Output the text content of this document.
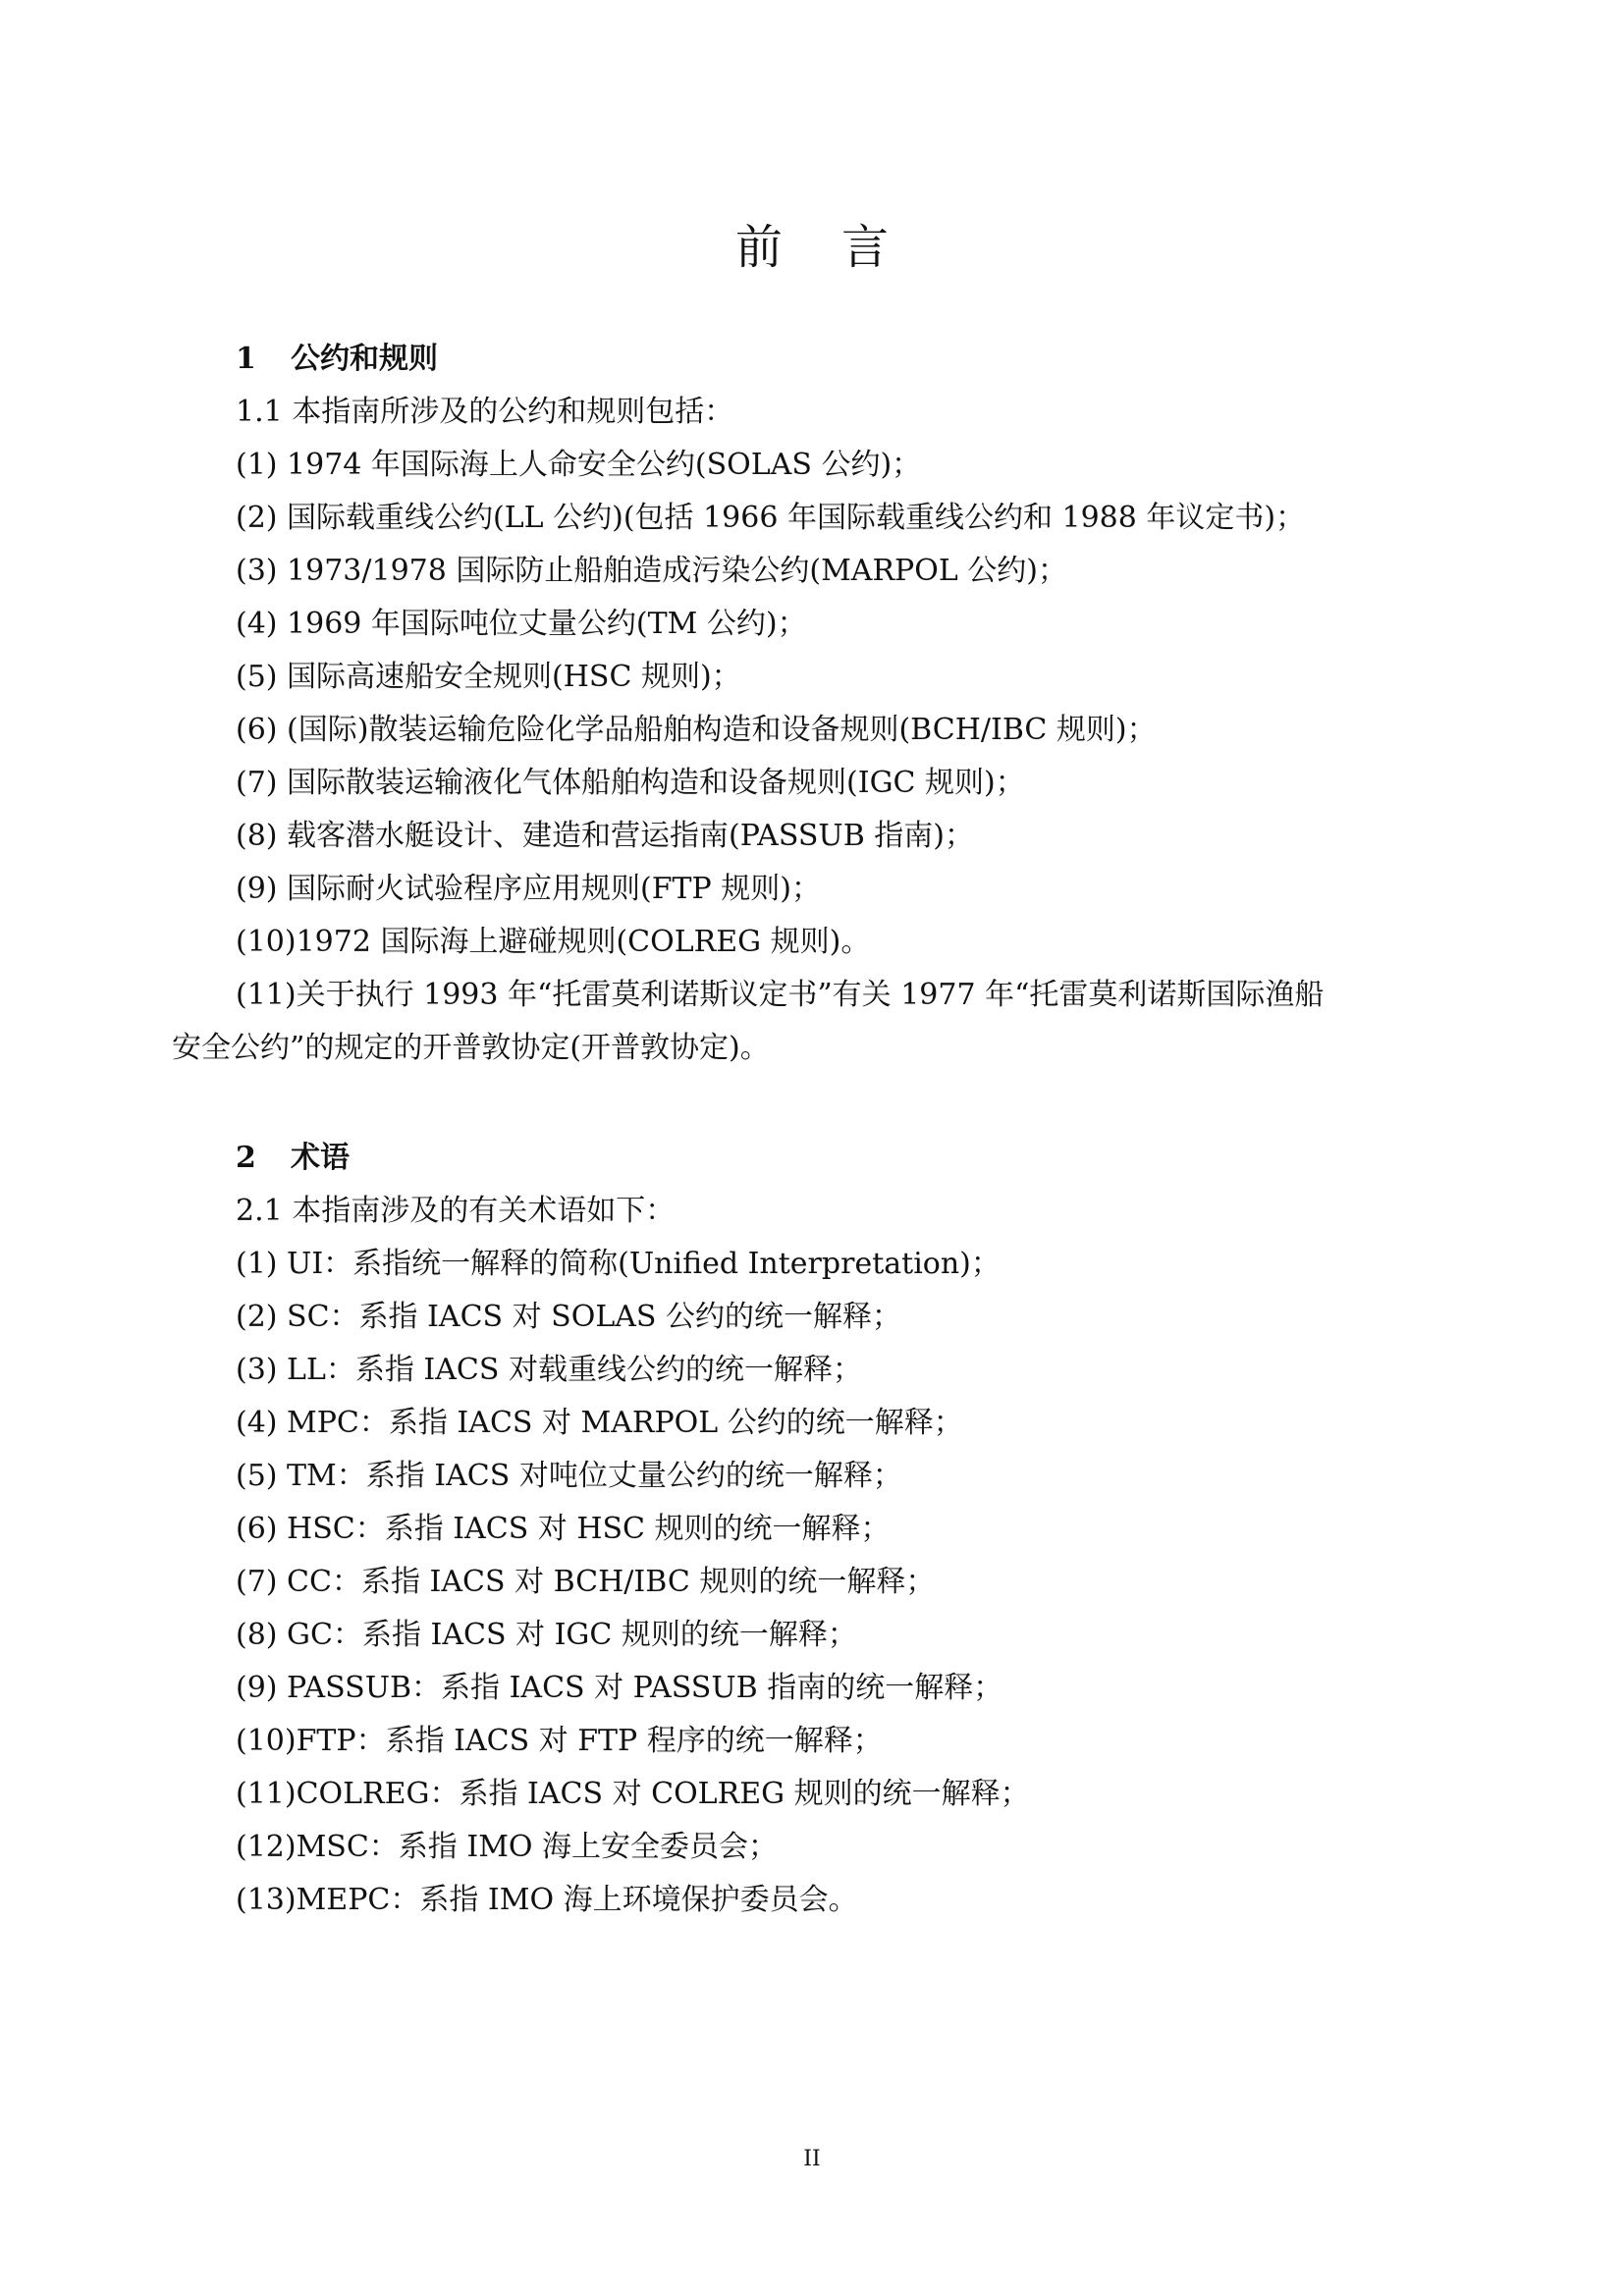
前言
1 公约和规则
1.1 本指南所涉及的公约和规则包括：
(1) 1974 年国际海上人命安全公约(SOLAS 公约)；
(2) 国际载重线公约(LL 公约)(包括 1966 年国际载重线公约和 1988 年议定书)；
(3) 1973/1978 国际防止船舶造成污染公约(MARPOL 公约)；
(4) 1969 年国际吨位丈量公约(TM 公约)；
(5) 国际高速船安全规则(HSC 规则)；
(6) (国际)散装运输危险化学品船舶构造和设备规则(BCH/IBC 规则)；
(7) 国际散装运输液化气体船舶构造和设备规则(IGC 规则)；
(8) 载客潜水艇设计、建造和营运指南(PASSUB 指南)；
(9) 国际耐火试验程序应用规则(FTP 规则)；
(10)1972 国际海上避碰规则(COLREG 规则)。
(11)关于执行 1993 年“托雷莫利诺斯议定书”有关 1977 年“托雷莫利诺斯国际渔船
安全公约”的规定的开普敦协定(开普敦协定)。
2 术语
2.1 本指南涉及的有关术语如下：
(1) UI：系指统一解释的简称(Unified Interpretation)；
(2) SC：系指 IACS 对 SOLAS 公约的统一解释；
(3) LL：系指 IACS 对载重线公约的统一解释；
(4) MPC：系指 IACS 对 MARPOL 公约的统一解释；
(5) TM：系指 IACS 对吨位丈量公约的统一解释；
(6) HSC：系指 IACS 对 HSC 规则的统一解释；
(7) CC：系指 IACS 对 BCH/IBC 规则的统一解释；
(8) GC：系指 IACS 对 IGC 规则的统一解释；
(9) PASSUB：系指 IACS 对 PASSUB 指南的统一解释；
(10)FTP：系指 IACS 对 FTP 程序的统一解释；
(11)COLREG：系指 IACS 对 COLREG 规则的统一解释；
(12)MSC：系指 IMO 海上安全委员会；
(13)MEPC：系指 IMO 海上环境保护委员会。
II
